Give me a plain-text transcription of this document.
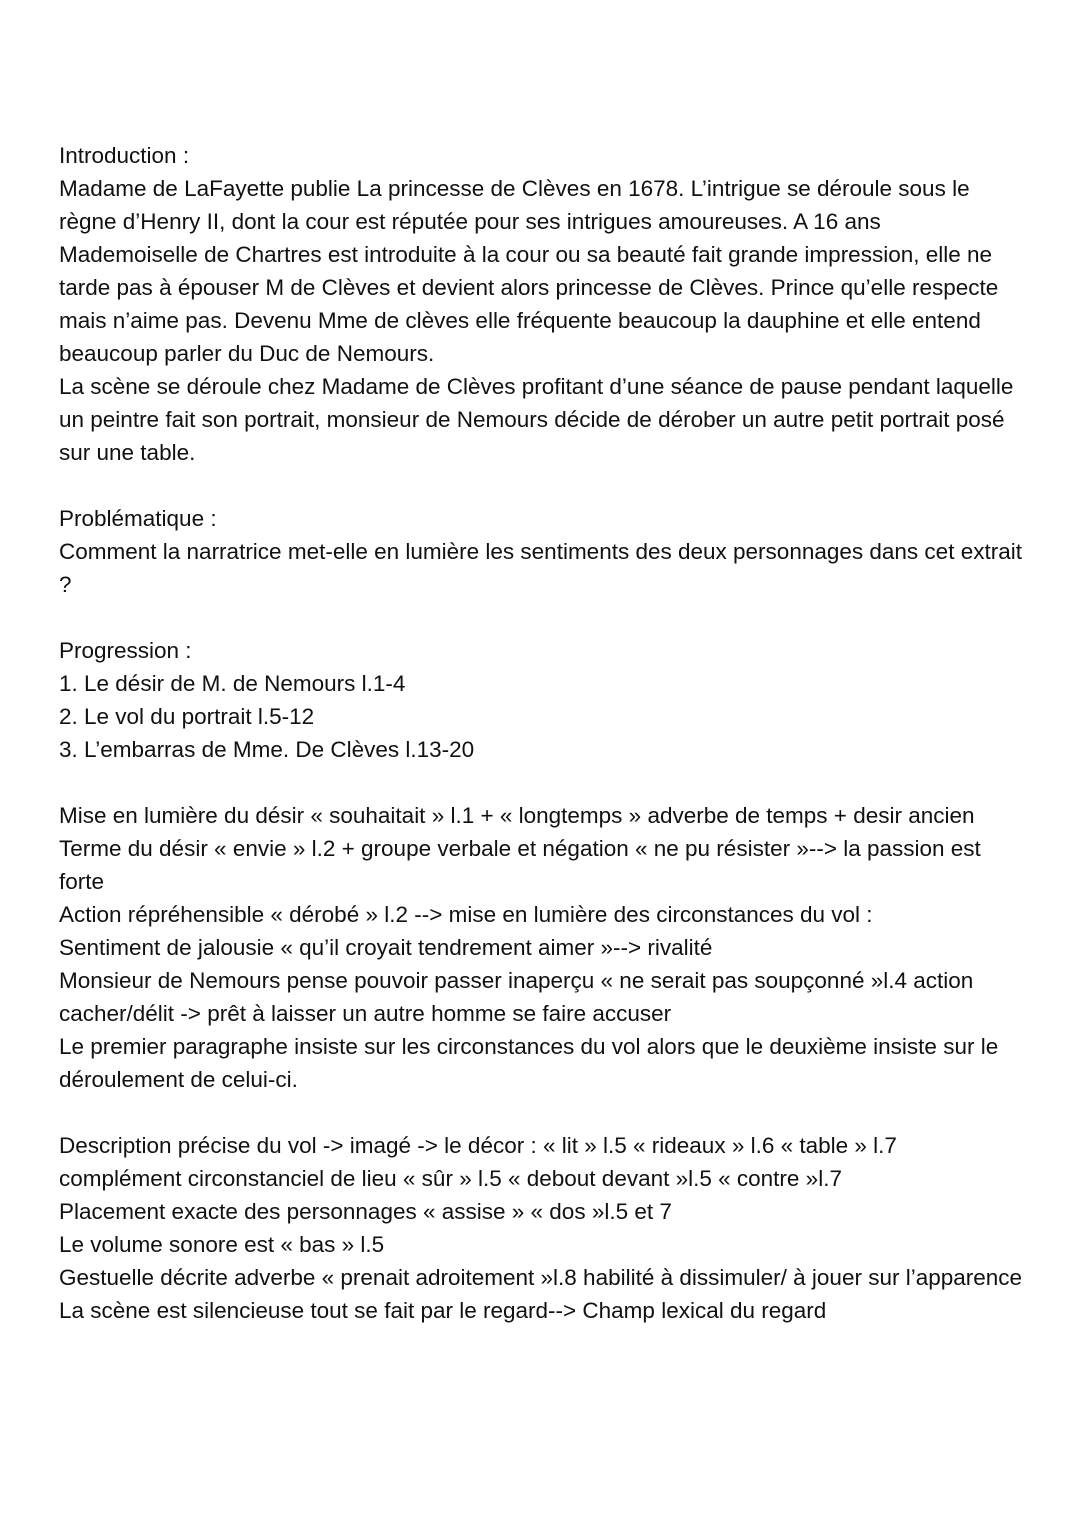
Introduction :

Madame de LaFayette publie La princesse de Clèves en 1678. L’intrigue se déroule sous le règne d’Henry II, dont la cour est réputée pour ses intrigues amoureuses. A 16 ans Mademoiselle de Chartres est introduite à la cour ou sa beauté fait grande impression, elle ne tarde pas à épouser M de Clèves et devient alors princesse de Clèves. Prince qu’elle respecte mais n’aime pas. Devenu Mme de clèves elle fréquente beaucoup la dauphine et elle entend beaucoup parler du Duc de Nemours.

La scène se déroule chez Madame de Clèves profitant d’une séance de pause pendant laquelle un peintre fait son portrait, monsieur de Nemours décide de dérober un autre petit portrait posé sur une table.

Problématique :

Comment la narratrice met-elle en lumière les sentiments des deux personnages dans cet extrait ?

Progression :

1. Le désir de M. de Nemours l.1-4

2. Le vol du portrait l.5-12

3. L’embarras de Mme. De Clèves l.13-20

Mise en lumière du désir « souhaitait » l.1 + « longtemps » adverbe de temps + desir ancien

Terme du désir « envie » l.2 + groupe verbale et négation « ne pu résister »--> la passion est forte

Action répréhensible « dérobé » l.2 --> mise en lumière des circonstances du vol :

Sentiment de jalousie « qu’il croyait tendrement aimer »--> rivalité

Monsieur de Nemours pense pouvoir passer inaperçu « ne serait pas soupçonné »l.4 action cacher/délit -> prêt à laisser un autre homme se faire accuser

Le premier paragraphe insiste sur les circonstances du vol alors que le deuxième insiste sur le déroulement de celui-ci.

Description précise du vol -> imagé -> le décor : « lit » l.5 « rideaux » l.6 « table » l.7

complément circonstanciel de lieu « sûr » l.5 « debout devant »l.5 « contre »l.7

Placement exacte des personnages « assise » « dos »l.5 et 7

Le volume sonore est « bas » l.5

Gestuelle décrite adverbe « prenait adroitement »l.8 habilité à dissimuler/ à jouer sur l’apparence

La scène est silencieuse tout se fait par le regard--> Champ lexical du regard
